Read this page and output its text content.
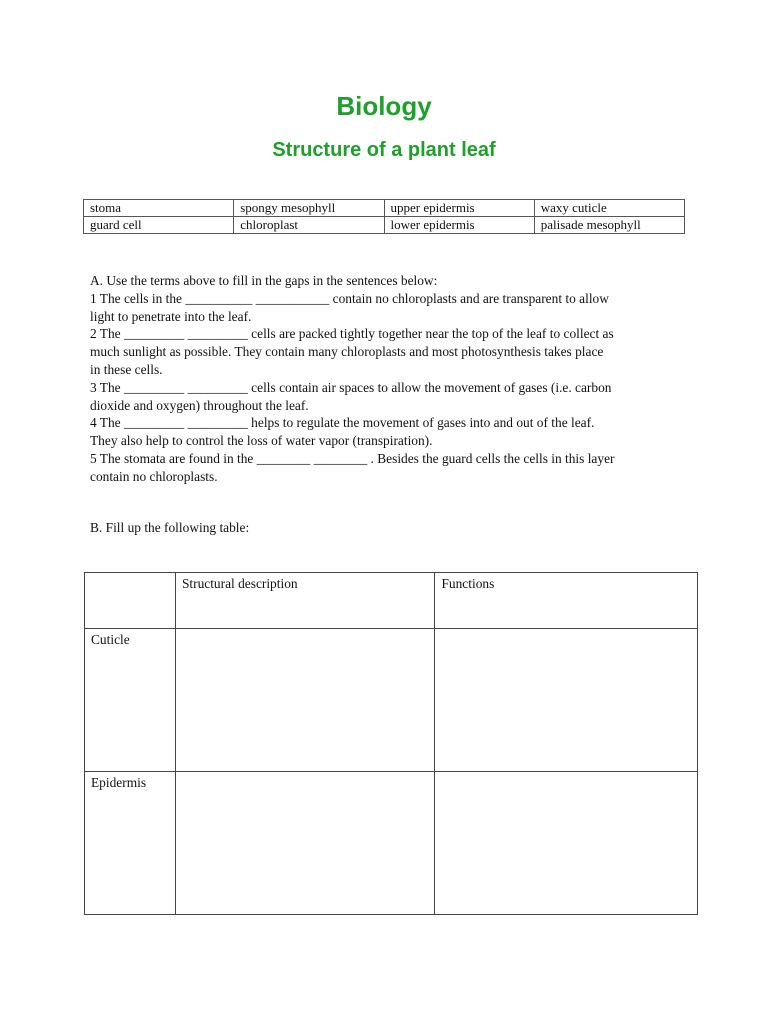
Biology
Structure of a plant leaf
stoma	spongy mesophyll	upper epidermis	waxy cuticle
guard cell	chloroplast	lower epidermis	palisade mesophyll

A. Use the terms above to fill in the gaps in the sentences below:

1 The cells in the __________ ___________ contain no chloroplasts and are transparent to allow

light to penetrate into the leaf.

2 The _________ _________ cells are packed tightly together near the top of the leaf to collect as

much sunlight as possible. They contain many chloroplasts and most photosynthesis takes place

in these cells.

3 The _________ _________ cells contain air spaces to allow the movement of gases (i.e. carbon

dioxide and oxygen) throughout the leaf.

4 The _________ _________ helps to regulate the movement of gases into and out of the leaf.

They also help to control the loss of water vapor (transpiration).

5 The stomata are found in the ________ ________ . Besides the guard cells the cells in this layer

contain no chloroplasts.

B. Fill up the following table:

	Structural description	Functions

Cuticle		

Epidermis		
